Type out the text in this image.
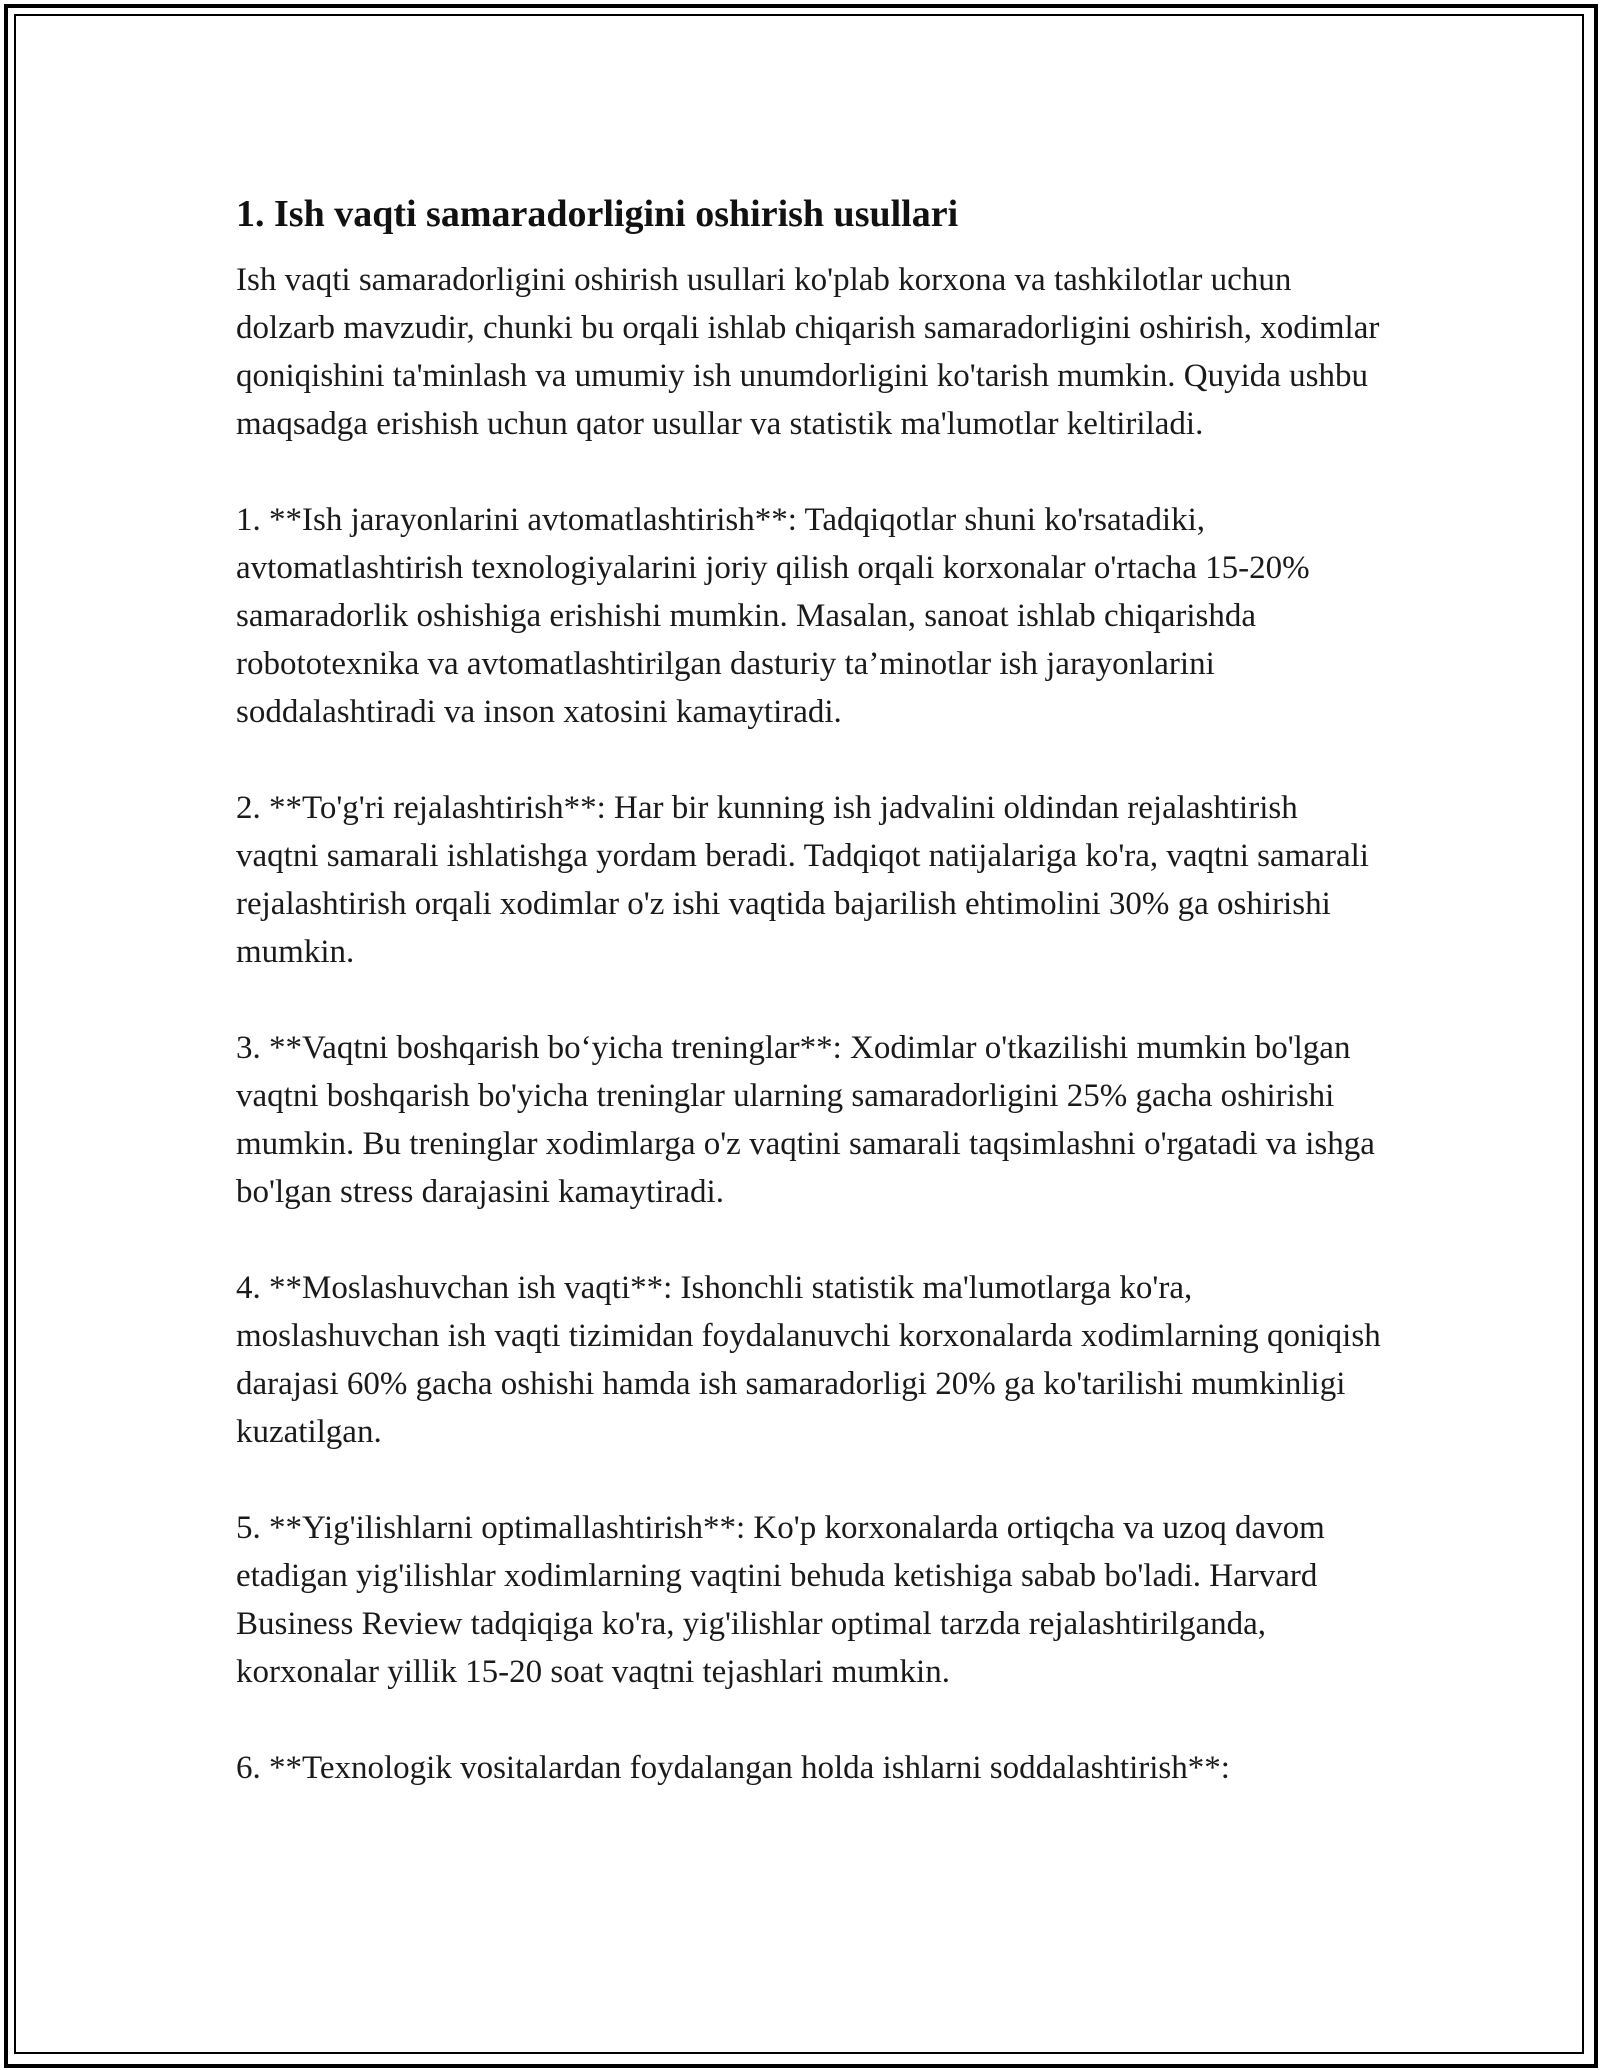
1. Ish vaqti samaradorligini oshirish usullari

Ish vaqti samaradorligini oshirish usullari ko'plab korxona va tashkilotlar uchun dolzarb mavzudir, chunki bu orqali ishlab chiqarish samaradorligini oshirish, xodimlar qoniqishini ta'minlash va umumiy ish unumdorligini ko'tarish mumkin. Quyida ushbu maqsadga erishish uchun qator usullar va statistik ma'lumotlar keltiriladi.

1. **Ish jarayonlarini avtomatlashtirish**: Tadqiqotlar shuni ko'rsatadiki, avtomatlashtirish texnologiyalarini joriy qilish orqali korxonalar o'rtacha 15-20% samaradorlik oshishiga erishishi mumkin. Masalan, sanoat ishlab chiqarishda robototexnika va avtomatlashtirilgan dasturiy ta’minotlar ish jarayonlarini soddalashtiradi va inson xatosini kamaytiradi.

2. **To'g'ri rejalashtirish**: Har bir kunning ish jadvalini oldindan rejalashtirish vaqtni samarali ishlatishga yordam beradi. Tadqiqot natijalariga ko'ra, vaqtni samarali rejalashtirish orqali xodimlar o'z ishi vaqtida bajarilish ehtimolini 30% ga oshirishi mumkin.

3. **Vaqtni boshqarish bo‘yicha treninglar**: Xodimlar o'tkazilishi mumkin bo'lgan vaqtni boshqarish bo'yicha treninglar ularning samaradorligini 25% gacha oshirishi mumkin. Bu treninglar xodimlarga o'z vaqtini samarali taqsimlashni o'rgatadi va ishga bo'lgan stress darajasini kamaytiradi.

4. **Moslashuvchan ish vaqti**: Ishonchli statistik ma'lumotlarga ko'ra, moslashuvchan ish vaqti tizimidan foydalanuvchi korxonalarda xodimlarning qoniqish darajasi 60% gacha oshishi hamda ish samaradorligi 20% ga ko'tarilishi mumkinligi kuzatilgan.

5. **Yig'ilishlarni optimallashtirish**: Ko'p korxonalarda ortiqcha va uzoq davom etadigan yig'ilishlar xodimlarning vaqtini behuda ketishiga sabab bo'ladi. Harvard Business Review tadqiqiga ko'ra, yig'ilishlar optimal tarzda rejalashtirilganda, korxonalar yillik 15-20 soat vaqtni tejashlari mumkin.

6. **Texnologik vositalardan foydalangan holda ishlarni soddalashtirish**:
